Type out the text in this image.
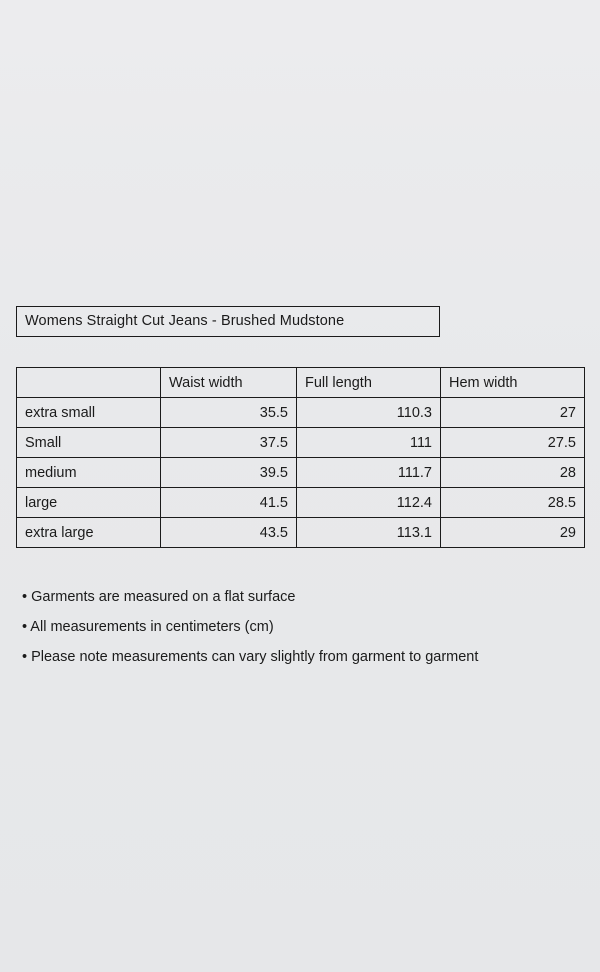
Womens Straight Cut Jeans - Brushed Mudstone
	Waist width	Full length	Hem width
extra small	35.5	110.3	27
Small	37.5	111	27.5
medium	39.5	111.7	28
large	41.5	112.4	28.5
extra large	43.5	113.1	29
• Garments are measured on a flat surface
• All measurements in centimeters (cm)
• Please note measurements can vary slightly from garment to garment
